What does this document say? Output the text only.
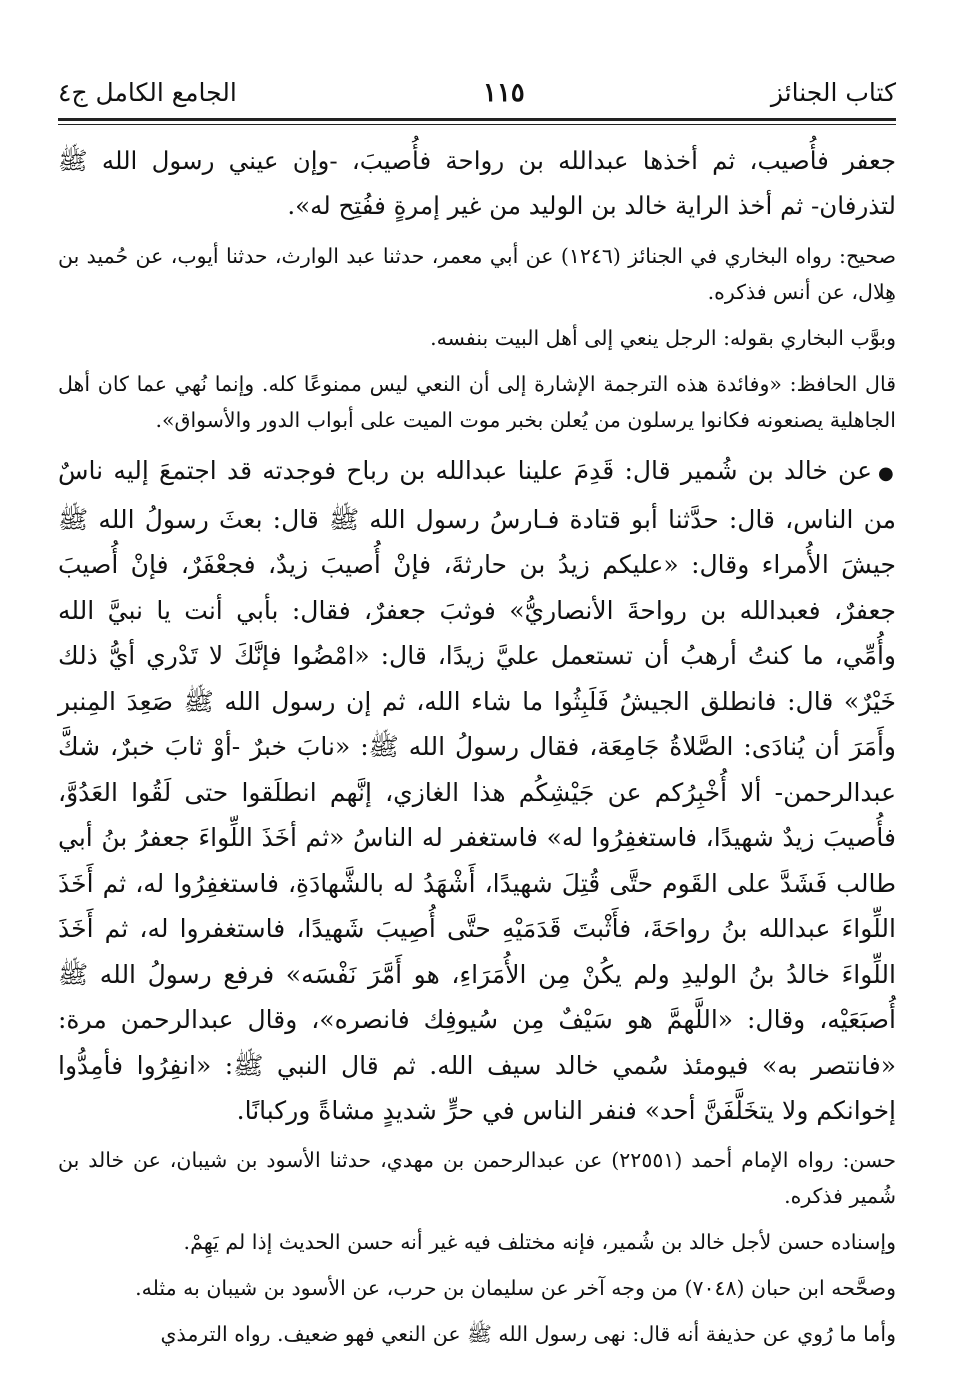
كتاب الجنائز
١١٥
الجامع الكامل ج٤

جعفر فأُصيب، ثم أخذها عبدالله بن رواحة فأُصيبَ، -وإن عيني رسول الله ﷺ لتذرفان- ثم أخذ الراية خالد بن الوليد من غير إمرةٍ ففُتِح له».

صحيح: رواه البخاري في الجنائز (١٢٤٦) عن أبي معمر، حدثنا عبد الوارث، حدثنا أيوب، عن حُميد بن هِلال، عن أنس فذكره.

وبوَّب البخاري بقوله: الرجل ينعي إلى أهل البيت بنفسه.

قال الحافظ: «وفائدة هذه الترجمة الإشارة إلى أن النعي ليس ممنوعًا كله. وإنما نُهي عما كان أهل الجاهلية يصنعونه فكانوا يرسلون من يُعلن بخبر موت الميت على أبواب الدور والأسواق».

●عن خالد بن شُمير قال: قَدِمَ علينا عبدالله بن رباح فوجدته قد اجتمعَ إليه ناسٌ من الناس، قال: حدَّثنا أبو قتادة فـارسُ رسول الله ﷺ قال: بعثَ رسولُ الله ﷺ جيشَ الأُمراء وقال: «عليكم زيدُ بن حارثةَ، فإنْ أُصيبَ زيدٌ، فجعْفَرٌ، فإنْ أُصيبَ جعفرٌ، فعبدالله بن رواحةَ الأنصاريُّ» فوثبَ جعفرٌ، فقال: بأبي أنت يا نبيَّ الله وأُمِّي، ما كنتُ أرهبُ أن تستعمل عليَّ زيدًا، قال: «امْضُوا فإنَّكَ لا تَدْري أيُّ ذلك خَيْرٌ» قال: فانطلق الجيشُ فَلَبِثُوا ما شاء الله، ثم إن رسول الله ﷺ صَعِدَ المِنبر وأَمَرَ أن يُنادَى: الصَّلاةُ جَامِعَة، فقال رسولُ الله ﷺ: «نابَ خبرٌ -أوْ ثابَ خبرٌ، شكَّ عبدالرحمن- ألا أُخْبِرُكم عن جَيْشِكُم هذا الغازي، إنَّهم انطلَقوا حتى لَقُوا العَدُوَّ، فأُصيبَ زيدٌ شهيدًا، فاستغفِرُوا له» فاستغفر له الناسُ «ثم أخَذَ اللِّواءَ جعفرُ بنُ أبي طالب فَشَدَّ على القَوم حتَّى قُتِلَ شهيدًا، أَشْهَدُ له بالشَّهادَةِ، فاستغفِرُوا له، ثم أَخَذَ اللِّواءَ عبدالله بنُ رواحَةَ، فأَثْبتَ قَدَمَيْهِ حتَّى أُصِيبَ شَهيدًا، فاستغفروا له، ثم أَخَذَ اللِّواءَ خالدُ بنُ الوليدِ ولم يكُنْ مِن الأُمَرَاءِ، هو أَمَّرَ نَفْسَه» فرفع رسولُ الله ﷺ أُصبَعَيْه، وقال: «اللَّهمَّ هو سَيْفٌ مِن سُيوفِك فانصره»، وقال عبدالرحمن مرة: «فانتصر به» فيومئذ سُمي خالد سيف الله. ثم قال النبي ﷺ: «انفِرُوا فأمِدُّوا إخوانكم ولا يتخَلَّفَنَّ أحد» فنفر الناس في حرٍّ شديدٍ مشاةً وركبانًا.

حسن: رواه الإمام أحمد (٢٢٥٥١) عن عبدالرحمن بن مهدي، حدثنا الأسود بن شيبان، عن خالد بن شُمير فذكره.

وإسناده حسن لأجل خالد بن شُمير، فإنه مختلف فيه غير أنه حسن الحديث إذا لم يَهِمْ.

وصحَّحه ابن حبان (٧٠٤٨) من وجه آخر عن سليمان بن حرب، عن الأسود بن شيبان به مثله.

وأما ما رُوي عن حذيفة أنه قال: نهى رسول الله ﷺ عن النعي فهو ضعيف. رواه الترمذي
